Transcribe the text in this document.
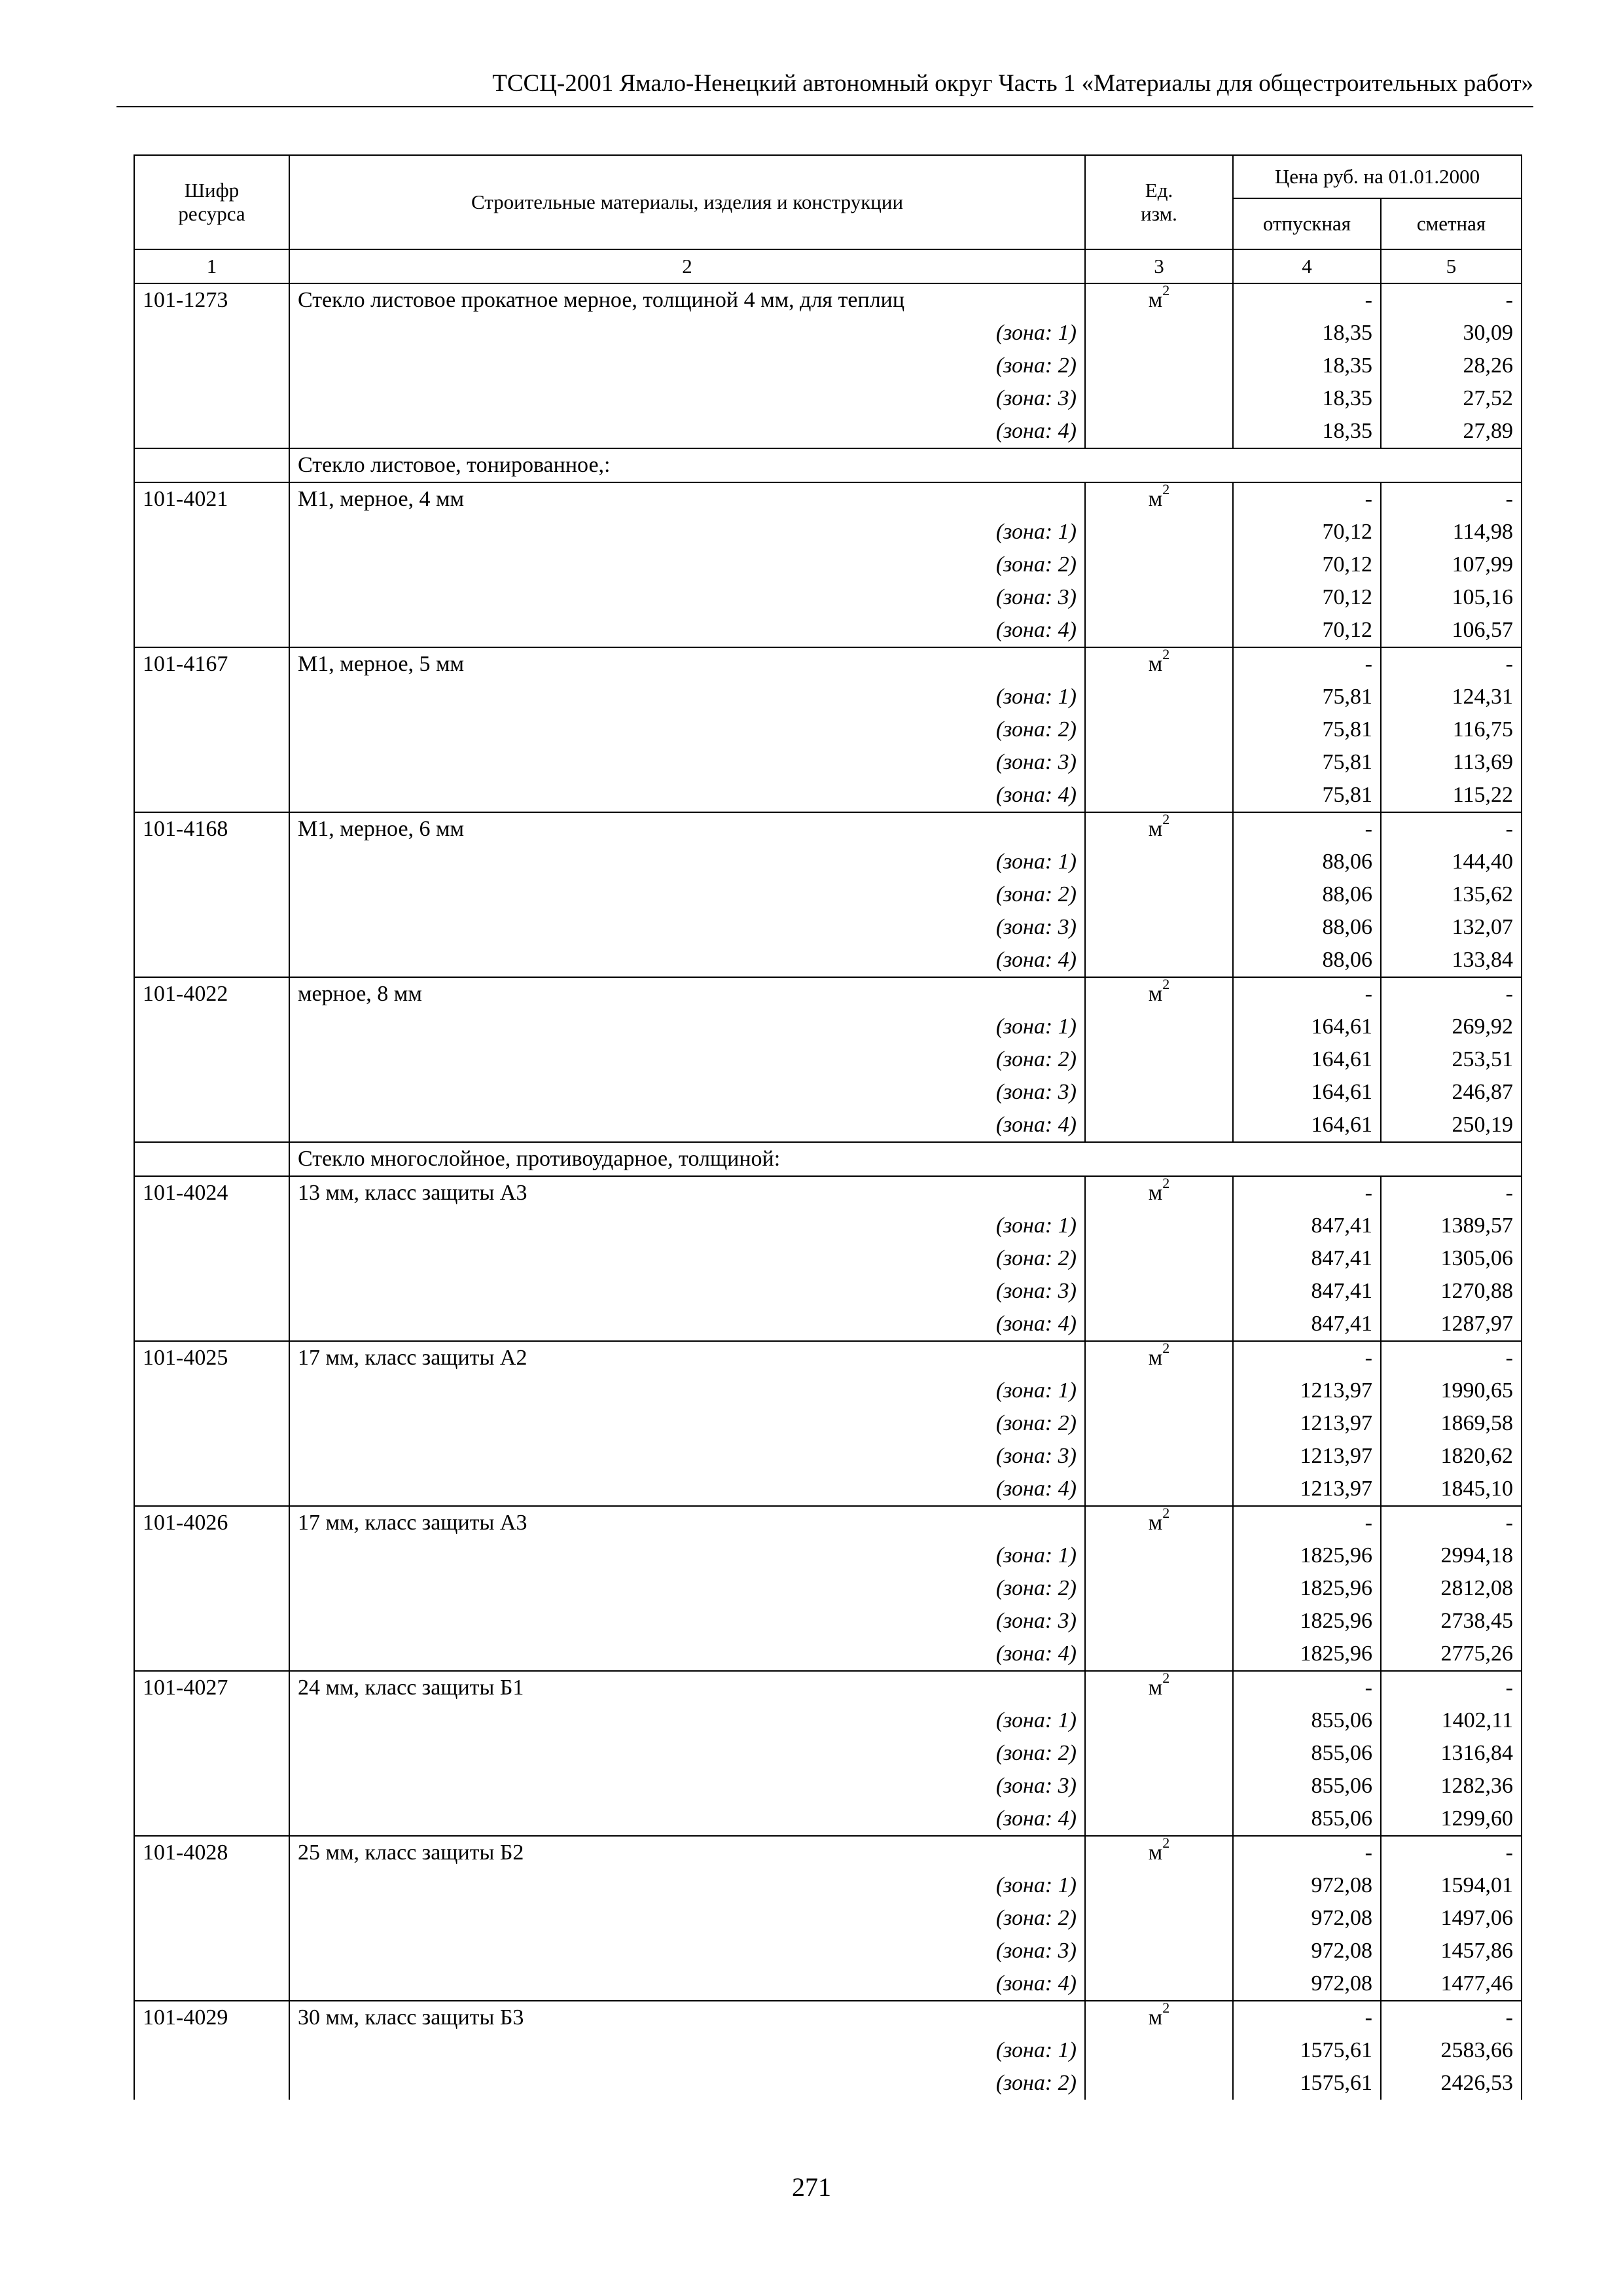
ТССЦ-2001 Ямало-Ненецкий автономный округ Часть 1 «Материалы для общестроительных работ»
Шифр ресурса	Строительные материалы, изделия и конструкции	Ед. изм.	Цена руб. на 01.01.2000	
			отпускная	сметная
1	2	3	4	5
101-1273	Стекло листовое прокатное мерное, толщиной 4 мм, для теплиц	$м^2$	-	-
	(зона: 1)		18,35	30,09
	(зона: 2)		18,35	28,26
	(зона: 3)		18,35	27,52
	(зона: 4)		18,35	27,89
	Стекло листовое, тонированное,:			
101-4021	М1, мерное, 4 мм	$м^2$	-	-
	(зона: 1)		70,12	114,98
	(зона: 2)		70,12	107,99
	(зона: 3)		70,12	105,16
	(зона: 4)		70,12	106,57
101-4167	М1, мерное, 5 мм	$м^2$	-	-
	(зона: 1)		75,81	124,31
	(зона: 2)		75,81	116,75
	(зона: 3)		75,81	113,69
	(зона: 4)		75,81	115,22
101-4168	М1, мерное, 6 мм	$м^2$	-	-
	(зона: 1)		88,06	144,40
	(зона: 2)		88,06	135,62
	(зона: 3)		88,06	132,07
	(зона: 4)		88,06	133,84
101-4022	мерное, 8 мм	$м^2$	-	-
	(зона: 1)		164,61	269,92
	(зона: 2)		164,61	253,51
	(зона: 3)		164,61	246,87
	(зона: 4)		164,61	250,19
	Стекло многослойное, противоударное, толщиной:			
101-4024	13 мм, класс защиты А3	$м^2$	-	-
	(зона: 1)		847,41	1389,57
	(зона: 2)		847,41	1305,06
	(зона: 3)		847,41	1270,88
	(зона: 4)		847,41	1287,97
101-4025	17 мм, класс защиты А2	$м^2$	-	-
	(зона: 1)		1213,97	1990,65
	(зона: 2)		1213,97	1869,58
	(зона: 3)		1213,97	1820,62
	(зона: 4)		1213,97	1845,10
101-4026	17 мм, класс защиты А3	$м^2$	-	-
	(зона: 1)		1825,96	2994,18
	(зона: 2)		1825,96	2812,08
	(зона: 3)		1825,96	2738,45
	(зона: 4)		1825,96	2775,26
101-4027	24 мм, класс защиты Б1	$м^2$	-	-
	(зона: 1)		855,06	1402,11
	(зона: 2)		855,06	1316,84
	(зона: 3)		855,06	1282,36
	(зона: 4)		855,06	1299,60
101-4028	25 мм, класс защиты Б2	$м^2$	-	-
	(зона: 1)		972,08	1594,01
	(зона: 2)		972,08	1497,06
	(зона: 3)		972,08	1457,86
	(зона: 4)		972,08	1477,46
101-4029	30 мм, класс защиты Б3	$м^2$	-	-
	(зона: 1)		1575,61	2583,66
	(зона: 2)		1575,61	2426,53
271
